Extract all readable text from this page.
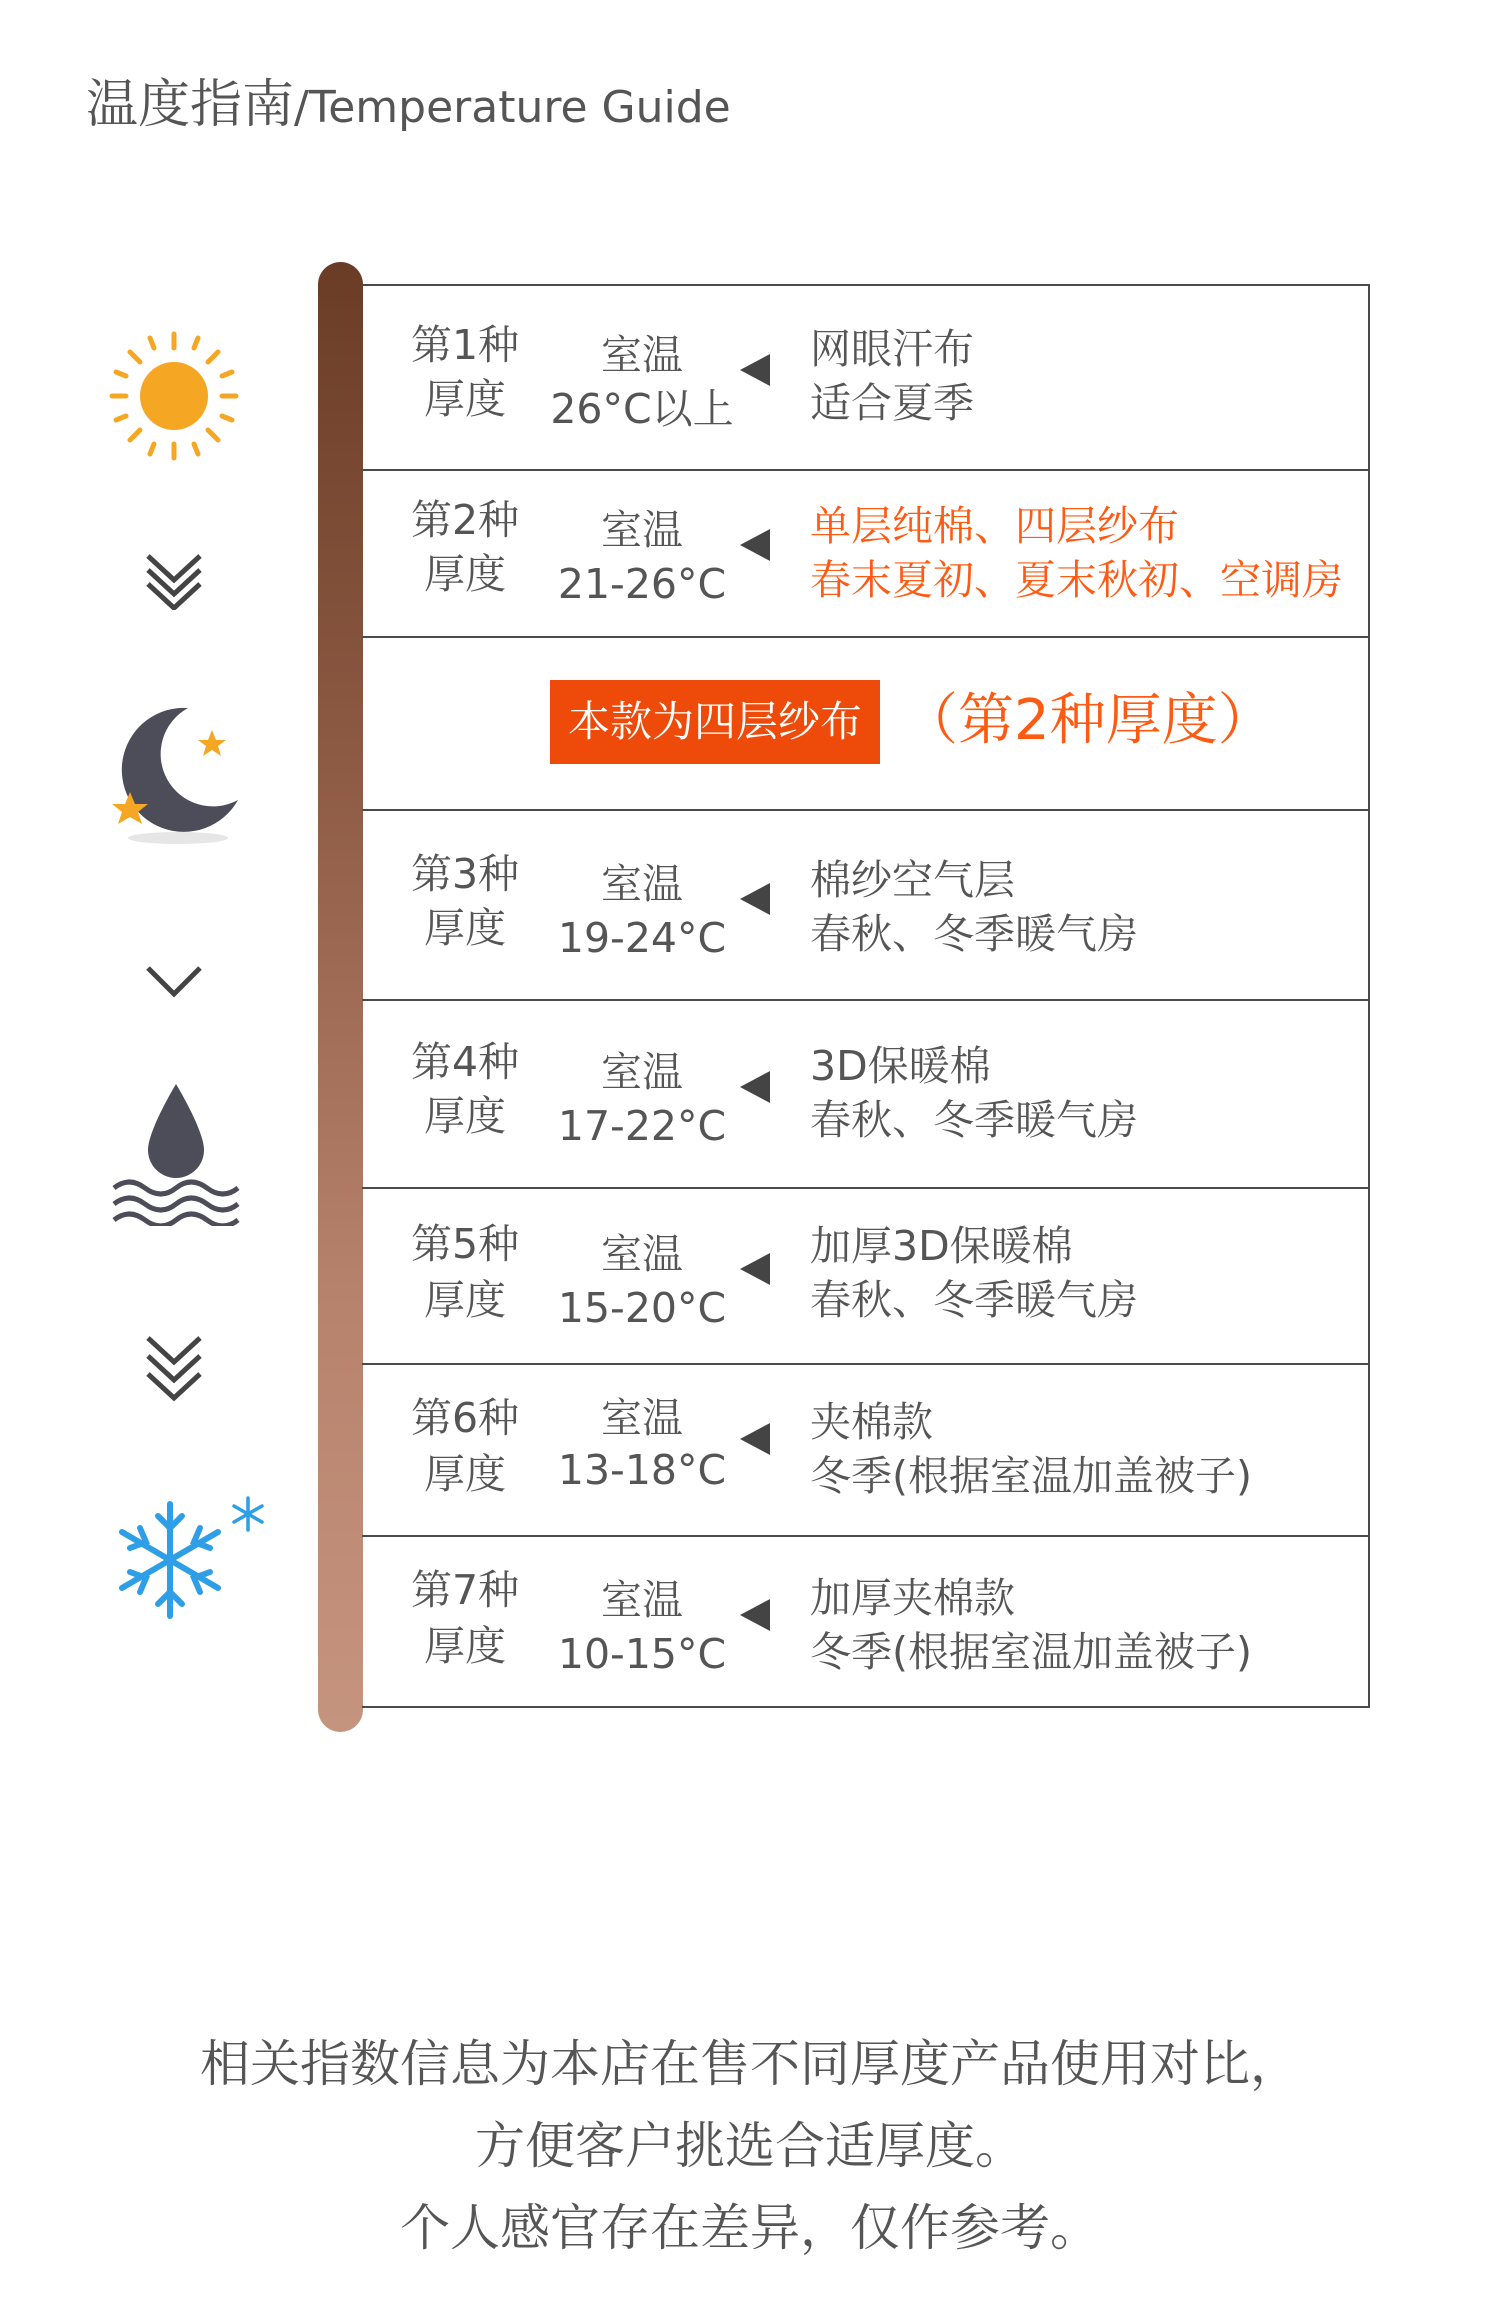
温度指南/Temperature Guide
第1种
厚度
室温
26°C以上
网眼汗布
适合夏季
第2种
厚度
室温
21-26°C
单层纯棉、四层纱布
春末夏初、夏末秋初、空调房
本款为四层纱布 （第2种厚度）
第3种
厚度
室温
19-24°C
棉纱空气层
春秋、冬季暖气房
第4种
厚度
室温
17-22°C
3D保暖棉
春秋、冬季暖气房
第5种
厚度
室温
15-20°C
加厚3D保暖棉
春秋、冬季暖气房
第6种
厚度
室温
13-18°C
夹棉款
冬季(根据室温加盖被子)
第7种
厚度
室温
10-15°C
加厚夹棉款
冬季(根据室温加盖被子)
相关指数信息为本店在售不同厚度产品使用对比，
方便客户挑选合适厚度。
个人感官存在差异，仅作参考。
